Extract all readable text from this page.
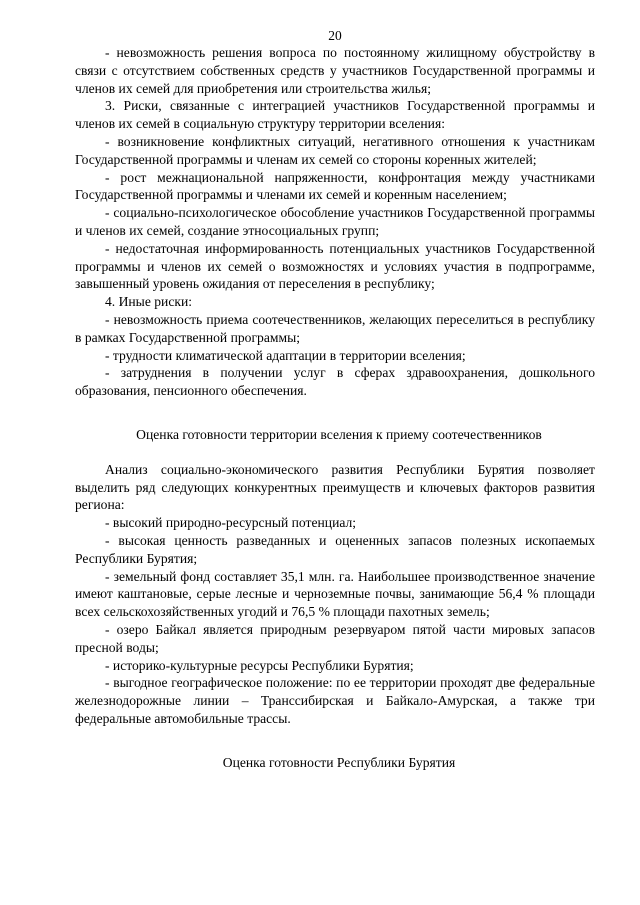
20

- невозможность решения вопроса по постоянному жилищному обустройству в связи с отсутствием собственных средств у участников Государственной программы и членов их семей для приобретения или строительства жилья;

3. Риски, связанные с интеграцией участников Государственной программы и членов их семей в социальную структуру территории вселения:

- возникновение конфликтных ситуаций, негативного отношения к участникам Государственной программы и членам их семей со стороны коренных жителей;

- рост межнациональной напряженности, конфронтация между участниками Государственной программы и членами их семей и коренным населением;

- социально-психологическое обособление участников Государственной программы и членов их семей, создание этносоциальных групп;

- недостаточная информированность потенциальных участников Государственной программы и членов их семей о возможностях и условиях участия в подпрограмме, завышенный уровень ожидания от переселения в республику;

4. Иные риски:

- невозможность приема соотечественников, желающих переселиться в республику в рамках Государственной программы;

- трудности климатической адаптации в территории вселения;

- затруднения в получении услуг в сферах здравоохранения, дошкольного образования, пенсионного обеспечения.

Оценка готовности территории вселения к приему соотечественников

Анализ социально-экономического развития Республики Бурятия позволяет выделить ряд следующих конкурентных преимуществ и ключевых факторов развития региона:

- высокий природно-ресурсный потенциал;

- высокая ценность разведанных и оцененных запасов полезных ископаемых Республики Бурятия;

- земельный фонд составляет 35,1 млн. га. Наибольшее производственное значение имеют каштановые, серые лесные и черноземные почвы, занимающие 56,4 % площади всех сельскохозяйственных угодий и 76,5 % площади пахотных земель;

- озеро Байкал является природным резервуаром пятой части мировых запасов пресной воды;

- историко-культурные ресурсы Республики Бурятия;

- выгодное географическое положение: по ее территории проходят две федеральные железнодорожные линии – Транссибирская и Байкало-Амурская, а также три федеральные автомобильные трассы.

Оценка готовности Республики Бурятия
